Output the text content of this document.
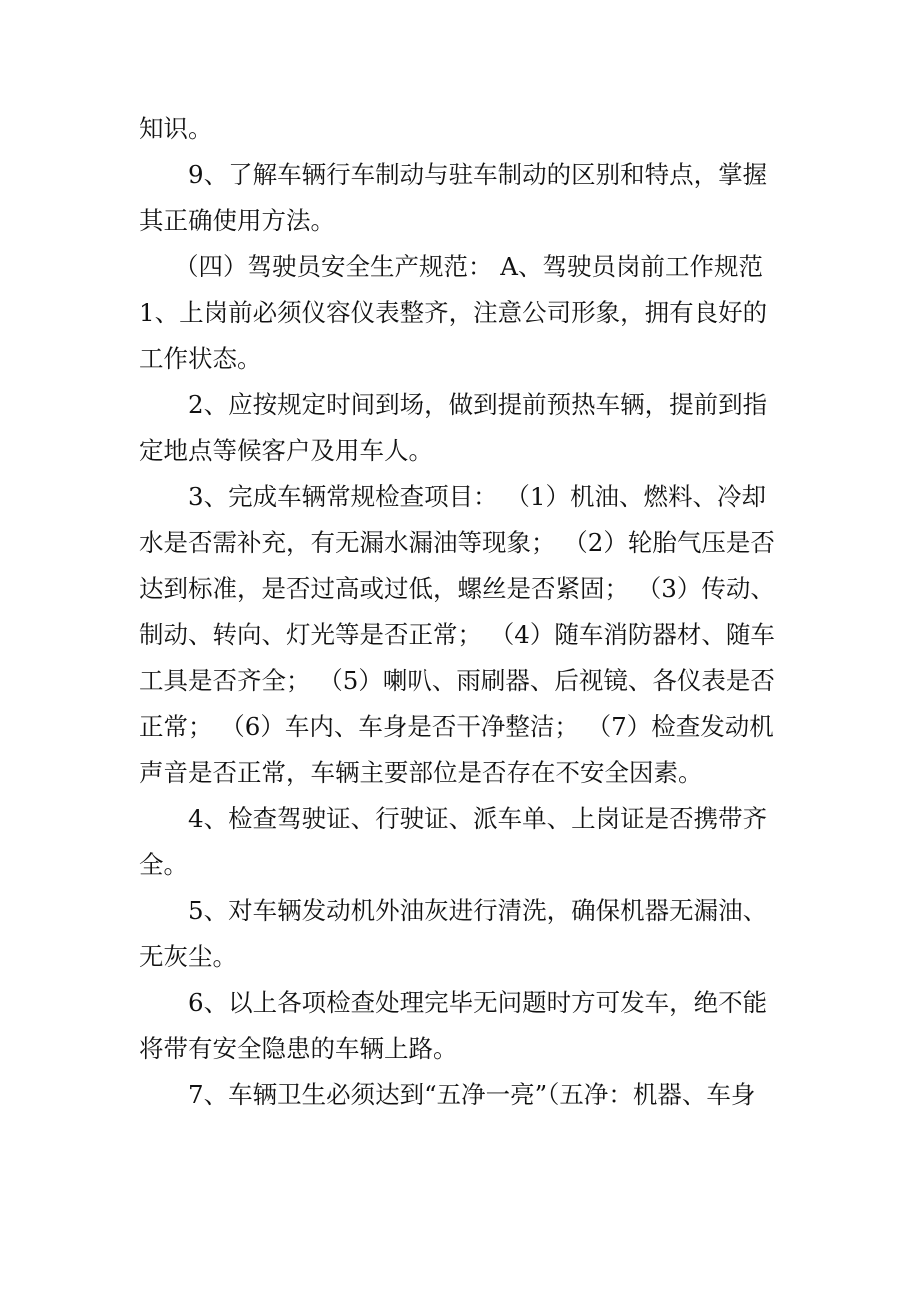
知识。
9、了解车辆行车制动与驻车制动的区别和特点，掌握
其正确使用方法。
（四）驾驶员安全生产规范： A、驾驶员岗前工作规范
1、上岗前必须仪容仪表整齐，注意公司形象，拥有良好的
工作状态。
2、应按规定时间到场，做到提前预热车辆，提前到指
定地点等候客户及用车人。
3、完成车辆常规检查项目： （1）机油、燃料、冷却
水是否需补充，有无漏水漏油等现象； （2）轮胎气压是否
达到标准，是否过高或过低，螺丝是否紧固； （3）传动、
制动、转向、灯光等是否正常； （4）随车消防器材、随车
工具是否齐全； （5）喇叭、雨刷器、后视镜、各仪表是否
正常； （6）车内、车身是否干净整洁； （7）检查发动机
声音是否正常，车辆主要部位是否存在不安全因素。
4、检查驾驶证、行驶证、派车单、上岗证是否携带齐
全。
5、对车辆发动机外油灰进行清洗，确保机器无漏油、
无灰尘。
6、以上各项检查处理完毕无问题时方可发车，绝不能
将带有安全隐患的车辆上路。
7、车辆卫生必须达到“五净一亮”（五净：机器、车身
